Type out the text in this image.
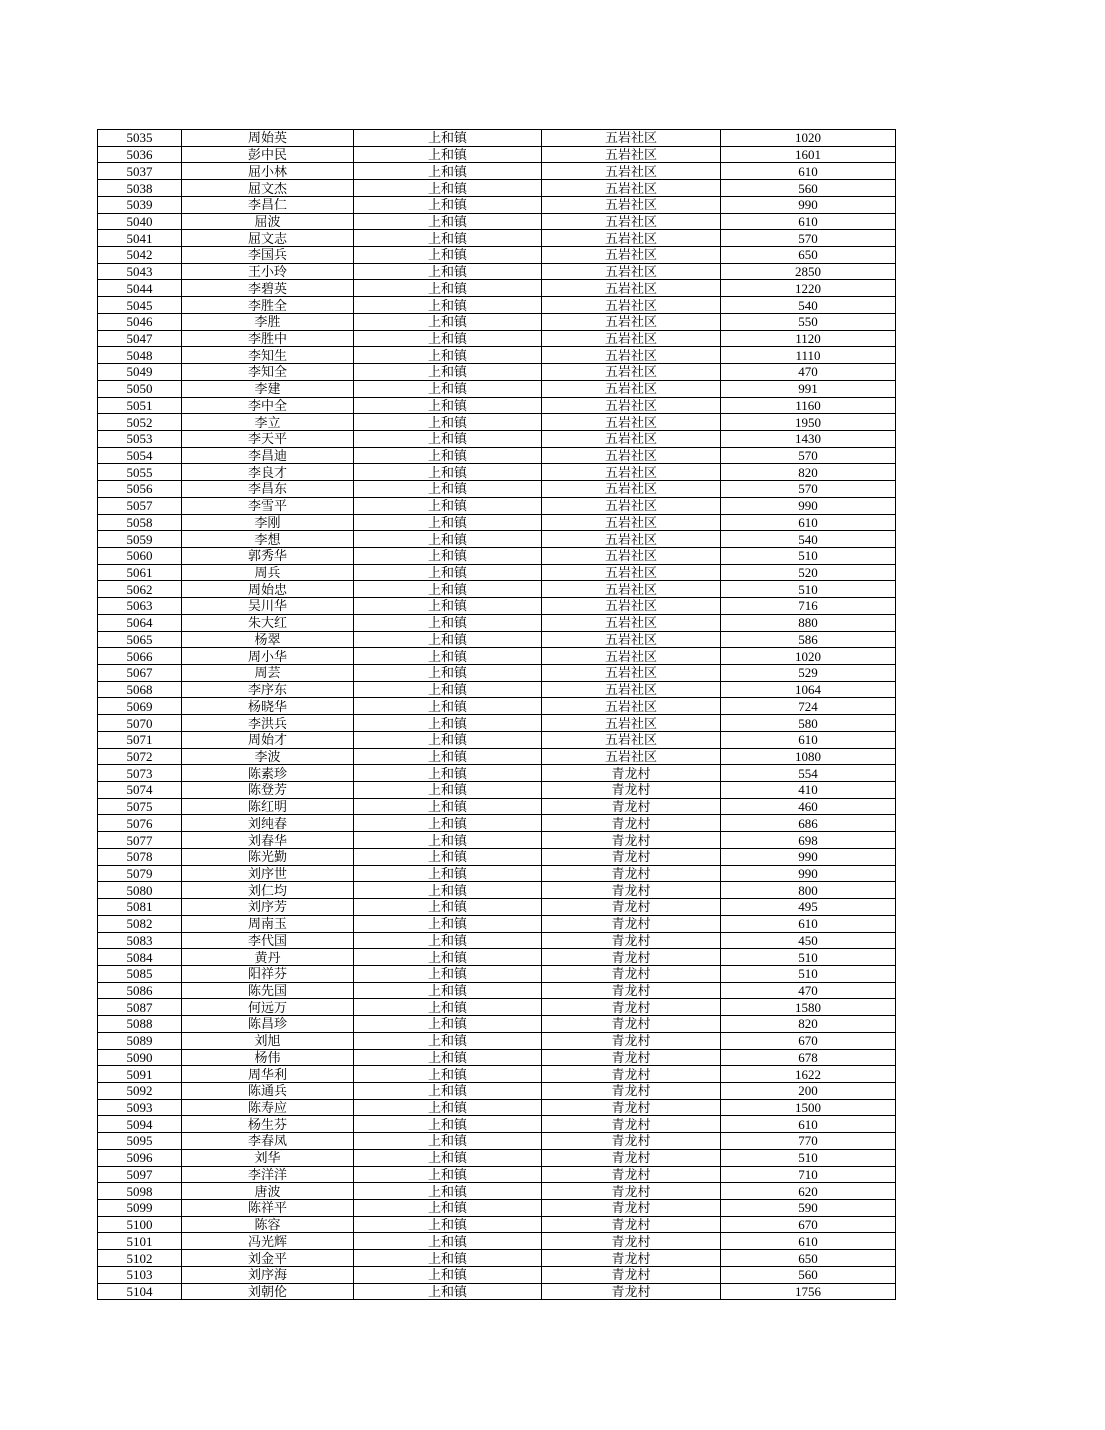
5035	周始英	上和镇	五岩社区	1020
5036	彭中民	上和镇	五岩社区	1601
5037	屈小林	上和镇	五岩社区	610
5038	屈文杰	上和镇	五岩社区	560
5039	李昌仁	上和镇	五岩社区	990
5040	屈波	上和镇	五岩社区	610
5041	屈文志	上和镇	五岩社区	570
5042	李国兵	上和镇	五岩社区	650
5043	王小玲	上和镇	五岩社区	2850
5044	李碧英	上和镇	五岩社区	1220
5045	李胜全	上和镇	五岩社区	540
5046	李胜	上和镇	五岩社区	550
5047	李胜中	上和镇	五岩社区	1120
5048	李知生	上和镇	五岩社区	1110
5049	李知全	上和镇	五岩社区	470
5050	李建	上和镇	五岩社区	991
5051	李中全	上和镇	五岩社区	1160
5052	李立	上和镇	五岩社区	1950
5053	李天平	上和镇	五岩社区	1430
5054	李昌迪	上和镇	五岩社区	570
5055	李良才	上和镇	五岩社区	820
5056	李昌东	上和镇	五岩社区	570
5057	李雪平	上和镇	五岩社区	990
5058	李刚	上和镇	五岩社区	610
5059	李想	上和镇	五岩社区	540
5060	郭秀华	上和镇	五岩社区	510
5061	周兵	上和镇	五岩社区	520
5062	周始忠	上和镇	五岩社区	510
5063	吴川华	上和镇	五岩社区	716
5064	朱大红	上和镇	五岩社区	880
5065	杨翠	上和镇	五岩社区	586
5066	周小华	上和镇	五岩社区	1020
5067	周芸	上和镇	五岩社区	529
5068	李序东	上和镇	五岩社区	1064
5069	杨晓华	上和镇	五岩社区	724
5070	李洪兵	上和镇	五岩社区	580
5071	周始才	上和镇	五岩社区	610
5072	李波	上和镇	五岩社区	1080
5073	陈素珍	上和镇	青龙村	554
5074	陈登芳	上和镇	青龙村	410
5075	陈红明	上和镇	青龙村	460
5076	刘纯春	上和镇	青龙村	686
5077	刘春华	上和镇	青龙村	698
5078	陈光勤	上和镇	青龙村	990
5079	刘序世	上和镇	青龙村	990
5080	刘仁均	上和镇	青龙村	800
5081	刘序芳	上和镇	青龙村	495
5082	周南玉	上和镇	青龙村	610
5083	李代国	上和镇	青龙村	450
5084	黄丹	上和镇	青龙村	510
5085	阳祥芬	上和镇	青龙村	510
5086	陈先国	上和镇	青龙村	470
5087	何远万	上和镇	青龙村	1580
5088	陈昌珍	上和镇	青龙村	820
5089	刘旭	上和镇	青龙村	670
5090	杨伟	上和镇	青龙村	678
5091	周华利	上和镇	青龙村	1622
5092	陈通兵	上和镇	青龙村	200
5093	陈寿应	上和镇	青龙村	1500
5094	杨生芬	上和镇	青龙村	610
5095	李春凤	上和镇	青龙村	770
5096	刘华	上和镇	青龙村	510
5097	李洋洋	上和镇	青龙村	710
5098	唐波	上和镇	青龙村	620
5099	陈祥平	上和镇	青龙村	590
5100	陈容	上和镇	青龙村	670
5101	冯光辉	上和镇	青龙村	610
5102	刘金平	上和镇	青龙村	650
5103	刘序海	上和镇	青龙村	560
5104	刘朝伦	上和镇	青龙村	1756
